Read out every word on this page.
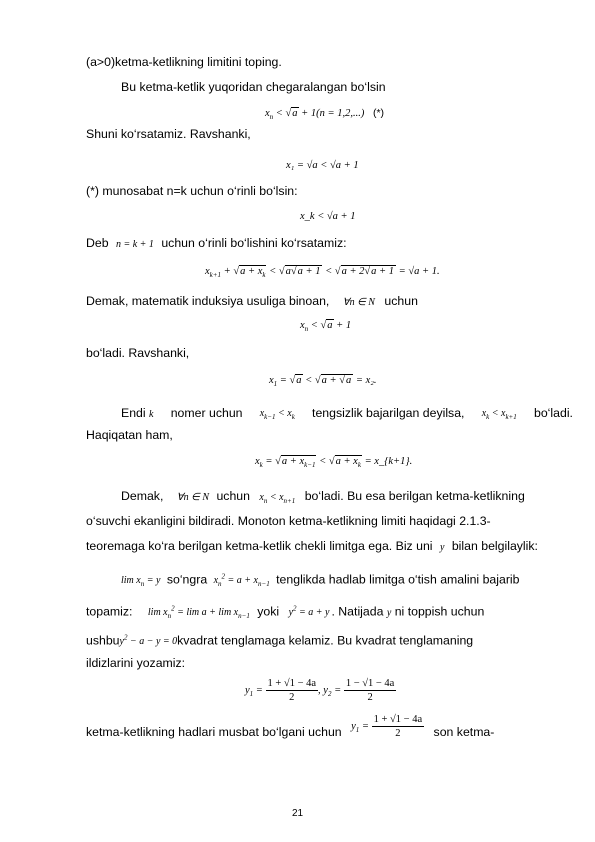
(a>0)ketma-ketlikning limitini toping.
Bu ketma-ketlik yuqoridan chegaralangan bo‘lsin
$x_n < √a + 1(n = 1,2,...)$ (*)
Shuni ko‘rsatamiz. Ravshanki,
x₁ = √a < √a + 1
(*) munosabat n=k uchun o‘rinli bo‘lsin:
x_k < √a + 1
Deb n = k + 1 uchun o‘rinli bo‘lishini ko‘rsatamiz:
$x_{k+1} + √a + x_k < √a√a + 1 < √a + 2√a + 1 = √a + 1$.
Demak, matematik induksiya usuliga binoan, ∀n ∈ N uchun
$x_n < √a + 1$
bo‘ladi. Ravshanki,
$x_1 = √a < √a + √a = x_2$.
Endi k nomer uchun $x_{k-1} < x_k$ tengsizlik bajarilgan deyilsa, $x_k < x_{k+1}$ bo‘ladi.
Haqiqatan ham,
$x_k = √a + x_{k-1} < √a + x_k$ = x_{k+1}.
Demak, ∀n ∈ N uchun $x_n < x_{n+1}$ bo‘ladi. Bu esa berilgan ketma-ketlikning
o‘suvchi ekanligini bildiradi. Monoton ketma-ketlikning limiti haqidagi 2.1.3-
teoremaga ko‘ra berilgan ketma-ketlik chekli limitga ega. Biz uni y bilan belgilaylik:
$\lim x_n = y$ so‘ngra $x_n^2 = a + x_{n-1}$ tenglikda hadlab limitga o‘tish amalini bajarib
topamiz: $\lim x_n^2 = \lim a + \lim x_{n-1}$ yoki $y^2 = a + y$ . Natijada y ni toppish uchun
ushbuy$^2$ − a − y = 0kvadrat tenglamaga kelamiz. Bu kvadrat tenglamaning
ildizlarini yozamiz:
$y_1 = \frac{1 + √1 - 4a}{2}$ , $y_2 = \frac{1 - √1 - 4a}{2}$
ketma-ketlikning hadlari musbat bo‘lgani uchun $y_1 = \frac{1 + √1 - 4a}{2}$ son ketma-
21
